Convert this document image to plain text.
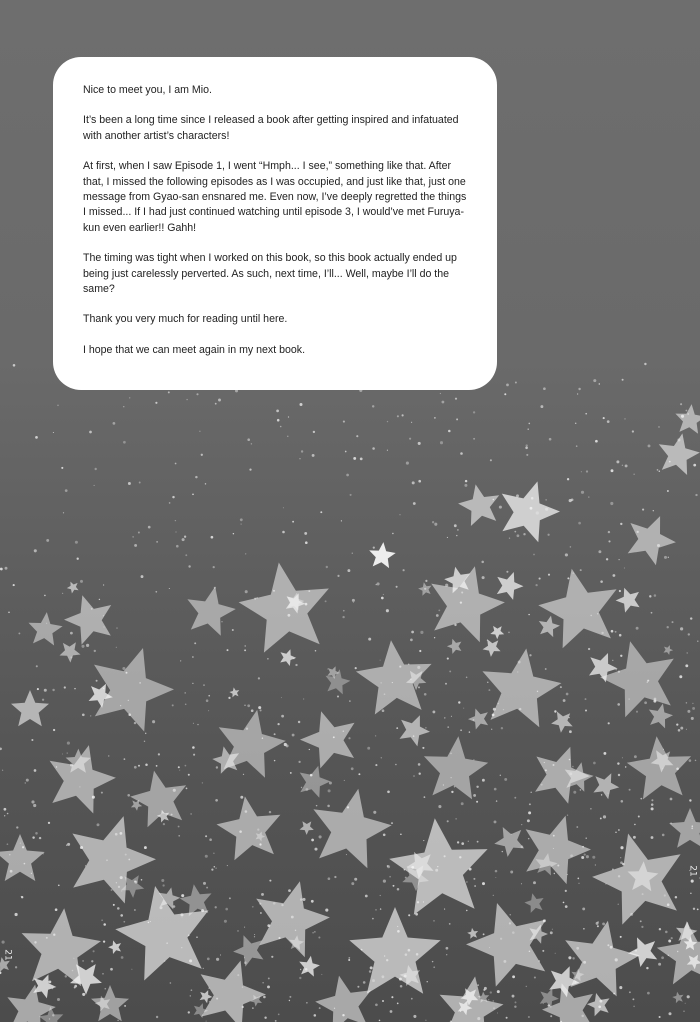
Nice to meet you, I am Mio.

It’s been a long time since I released a book after getting inspired and infatuated with another artist’s characters!

At first, when I saw Episode 1, I went “Hmph... I see,” something like that. After that, I missed the following episodes as I was occupied, and just like that, just one message from Gyao-san ensnared me. Even now, I’ve deeply regretted the things I missed... If I had just continued watching until episode 3, I would’ve met Furuya-kun even earlier!! Gahh!

The timing was tight when I worked on this book, so this book actually ended up being just carelessly perverted. As such, next time, I’ll... Well, maybe I’ll do the same?

Thank you very much for reading until here.

I hope that we can meet again in my next book.

21
21
